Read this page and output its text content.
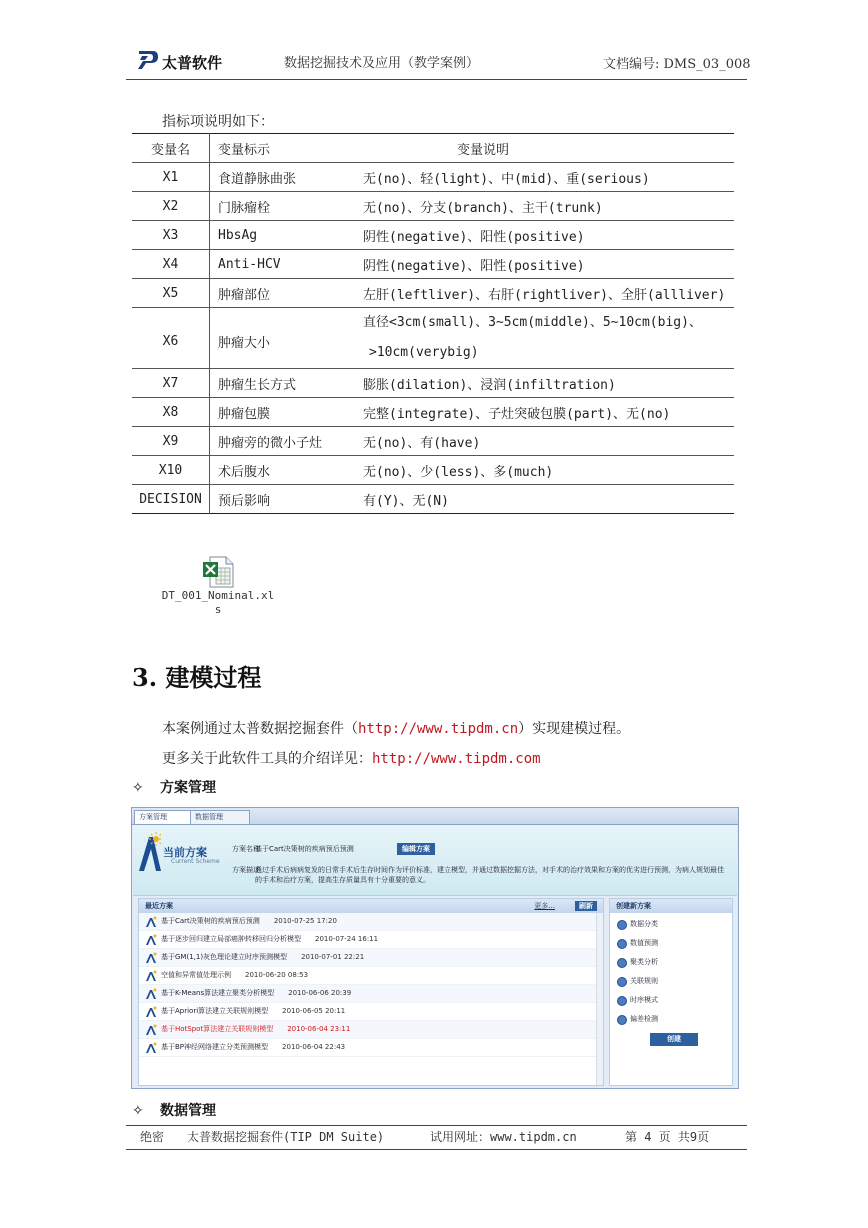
太普软件	数据挖掘技术及应用（教学案例）	文档编号: DMS_03_008
指标项说明如下：
变量名	变量标示	变量说明
X1	食道静脉曲张	无(no)、轻(light)、中(mid)、重(serious)
X2	门脉瘤栓	无(no)、分支(branch)、主干(trunk)
X3	HbsAg	阴性(negative)、阳性(positive)
X4	Anti-HCV	阴性(negative)、阳性(positive)
X5	肿瘤部位	左肝(leftliver)、右肝(rightliver)、全肝(allliver)
X6	肿瘤大小	直径<3cm(small)、3~5cm(middle)、5~10cm(big)、
>10cm(verybig)

X7	肿瘤生长方式	膨胀(dilation)、浸润(infiltration)
X8	肿瘤包膜	完整(integrate)、子灶突破包膜(part)、无(no)
X9	肿瘤旁的微小子灶	无(no)、有(have)
X10	术后腹水	无(no)、少(less)、多(much)
DECISION	预后影响	有(Y)、无(N)
DT_001_Nominal.xls
3. 建模过程
本案例通过太普数据挖掘套件（http://www.tipdm.cn）实现建模过程。
更多关于此软件工具的介绍详见：http://www.tipdm.com
✧ 方案管理
方案管理	数据管理
当前方案
Current Scheme
方案名称
基于Cart决策树的疾病预后预测	编辑方案
方案描述
通过手术后病病复发的日常手术后生存时间作为评价标准，建立模型，并通过数据挖掘方法，对手术的治疗效果和方案的优劣进行预测，为病人规划最佳的手术和治疗方案，提高生存质量具有十分重要的意义。
最近方案	更多...	刷新
基于Cart决策树的疾病预后预测 2010-07-25 17:20
基于逐步回归建立局部癌肿转移回归分析模型 2010-07-24 16:11
基于GM(1,1)灰色理论建立时序预测模型 2010-07-01 22:21
空值和异常值处理示例 2010-06-20 08:53
基于K-Means算法建立聚类分析模型 2010-06-06 20:39
基于Apriori算法建立关联规则模型 2010-06-05 20:11
基于HotSpot算法建立关联规则模型 2010-06-04 23:11
基于BP神经网络建立分类预测模型 2010-06-04 22:43
创建新方案
数据分类
数值预测
聚类分析
关联规则
时序模式
偏差检测
创建
✧ 数据管理
绝密 太普数据挖掘套件(TIP DM Suite)	试用网址：www.tipdm.cn	第 4 页 共9页
